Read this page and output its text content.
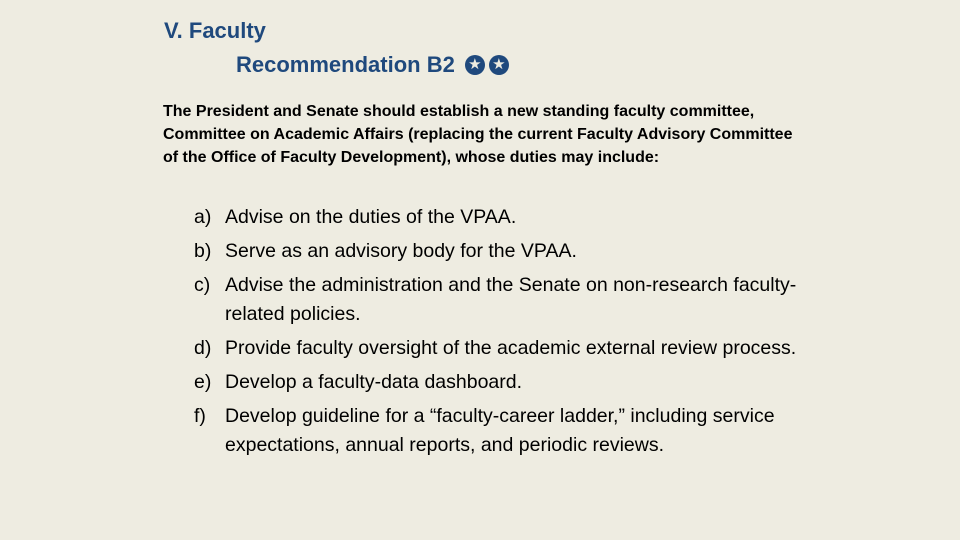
V. Faculty
Recommendation B2 ★ ★

The President and Senate should establish a new standing faculty committee, Committee on Academic Affairs (replacing the current Faculty Advisory Committee of the Office of Faculty Development), whose duties may include:

a) Advise on the duties of the VPAA.
b) Serve as an advisory body for the VPAA.
c) Advise the administration and the Senate on non-research faculty-related policies.
d) Provide faculty oversight of the academic external review process.
e) Develop a faculty-data dashboard.
f) Develop guideline for a “faculty-career ladder,” including service expectations, annual reports, and periodic reviews.
